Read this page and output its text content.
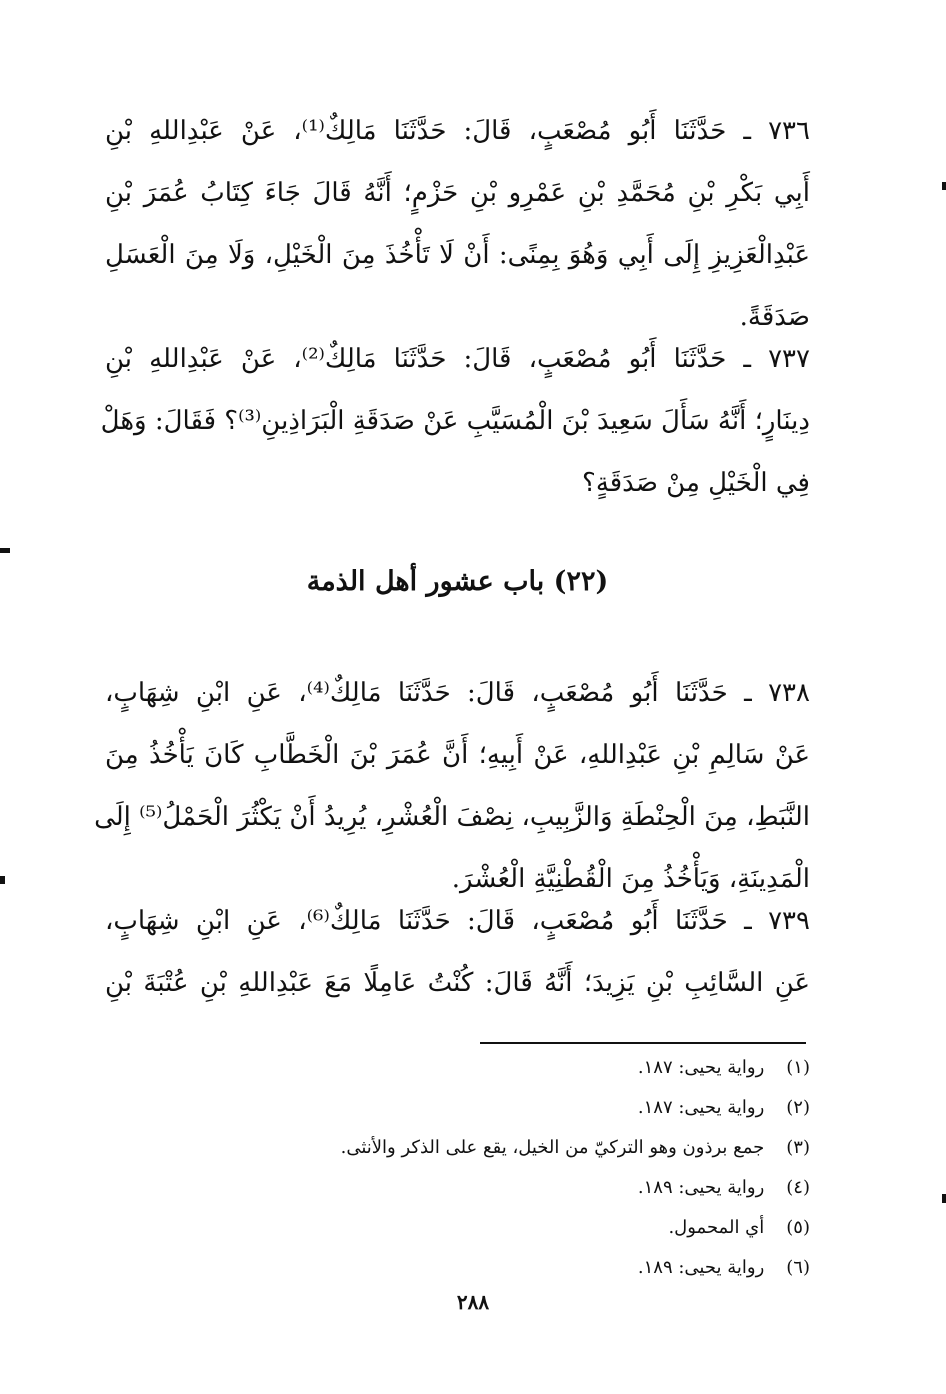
٧٣٦ ـ حَدَّثَنَا أَبُو مُصْعَبٍ، قَالَ: حَدَّثَنَا مَالِكٌ⁽¹⁾، عَنْ عَبْدِاللهِ بْنِ
أَبِي بَكْرِ بْنِ مُحَمَّدِ بْنِ عَمْرِو بْنِ حَزْمٍ؛ أَنَّهُ قَالَ جَاءَ كِتَابُ عُمَرَ بْنِ
عَبْدِالْعَزِيزِ إِلَى أَبِي وَهُوَ بِمِنًى: أَنْ لَا تَأْخُذَ مِنَ الْخَيْلِ، وَلَا مِنَ الْعَسَلِ
صَدَقَةً.
٧٣٧ ـ حَدَّثَنَا أَبُو مُصْعَبٍ، قَالَ: حَدَّثَنَا مَالِكٌ⁽²⁾، عَنْ عَبْدِاللهِ بْنِ
دِينَارٍ؛ أَنَّهُ سَأَلَ سَعِيدَ بْنَ الْمُسَيَّبِ عَنْ صَدَقَةِ الْبَرَاذِينِ⁽³⁾؟ فَقَالَ: وَهَلْ
فِي الْخَيْلِ مِنْ صَدَقَةٍ؟
(٢٢) باب عشور أهل الذمة
٧٣٨ ـ حَدَّثَنَا أَبُو مُصْعَبٍ، قَالَ: حَدَّثَنَا مَالِكٌ⁽⁴⁾، عَنِ ابْنِ شِهَابٍ،
عَنْ سَالِمِ بْنِ عَبْدِاللهِ، عَنْ أَبِيهِ؛ أَنَّ عُمَرَ بْنَ الْخَطَّابِ كَانَ يَأْخُذُ مِنَ
النَّبَطِ، مِنَ الْحِنْطَةِ وَالزَّبِيبِ، نِصْفَ الْعُشْرِ، يُرِيدُ أَنْ يَكْثُرَ الْحَمْلُ⁽⁵⁾ إِلَى
الْمَدِينَةِ، وَيَأْخُذُ مِنَ الْقُطْنِيَّةِ الْعُشْرَ.
٧٣٩ ـ حَدَّثَنَا أَبُو مُصْعَبٍ، قَالَ: حَدَّثَنَا مَالِكٌ⁽⁶⁾، عَنِ ابْنِ شِهَابٍ،
عَنِ السَّائِبِ بْنِ يَزِيدَ؛ أَنَّهُ قَالَ: كُنْتُ عَامِلًا مَعَ عَبْدِاللهِ بْنِ عُتْبَةَ بْنِ
(١) رواية يحيى: ١٨٧.
(٢) رواية يحيى: ١٨٧.
(٣) جمع برذون وهو التركيّ من الخيل، يقع على الذكر والأنثى.
(٤) رواية يحيى: ١٨٩.
(٥) أي المحمول.
(٦) رواية يحيى: ١٨٩.
٢٨٨
